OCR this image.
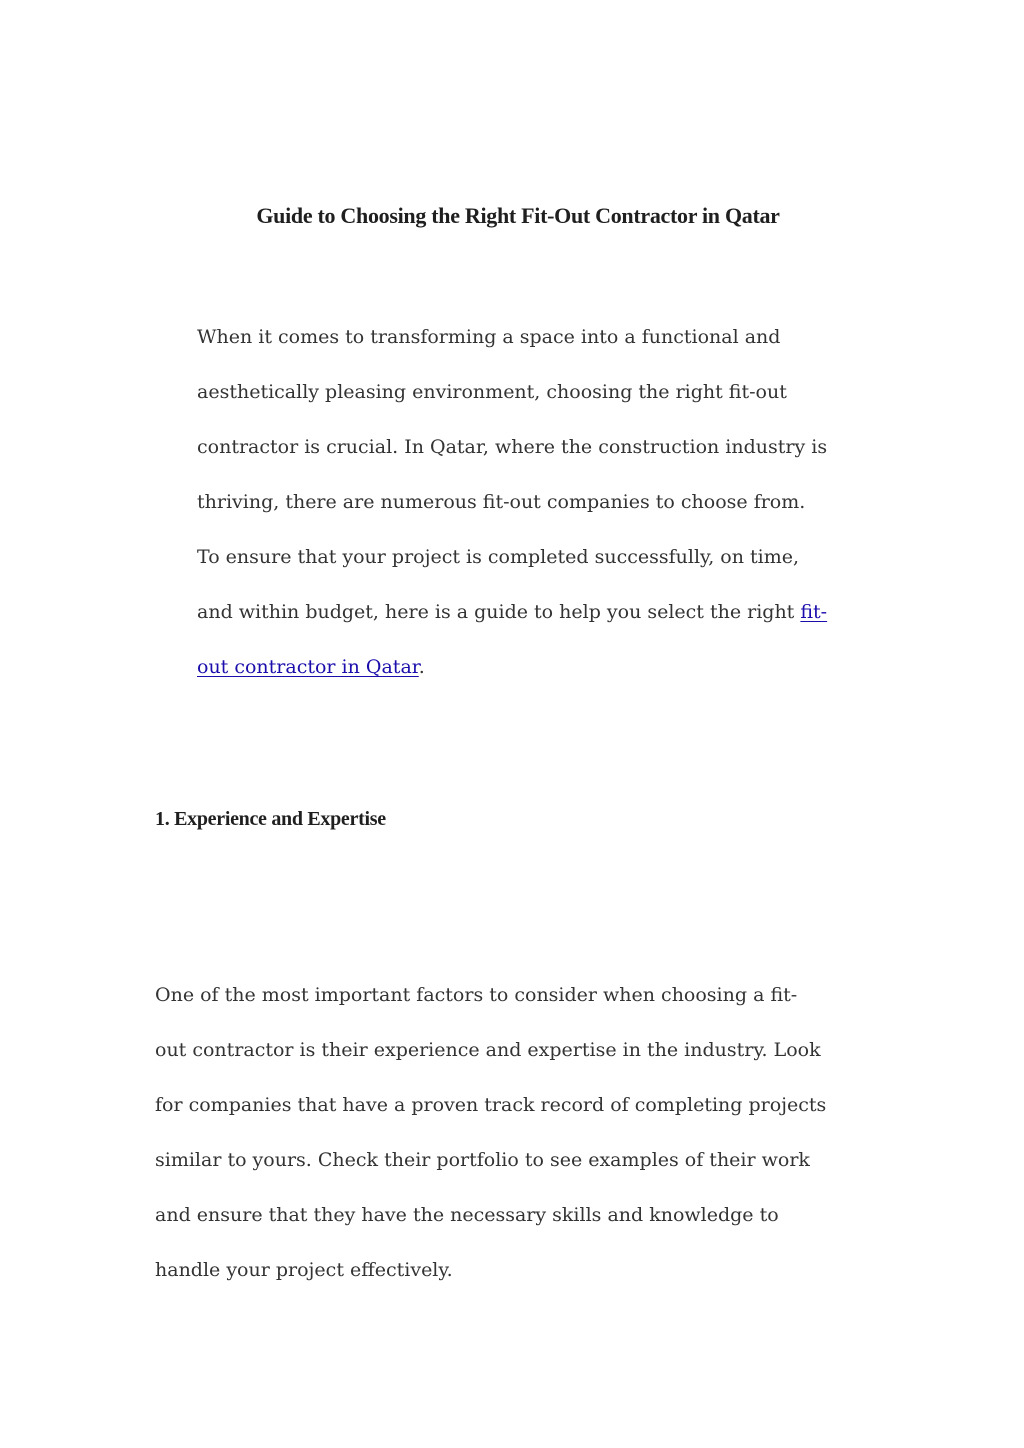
Guide to Choosing the Right Fit-Out Contractor in Qatar

When it comes to transforming a space into a functional and
aesthetically pleasing environment, choosing the right fit-out
contractor is crucial. In Qatar, where the construction industry is
thriving, there are numerous fit-out companies to choose from.
To ensure that your project is completed successfully, on time,
and within budget, here is a guide to help you select the right fit-
out contractor in Qatar.

1. Experience and Expertise

One of the most important factors to consider when choosing a fit-
out contractor is their experience and expertise in the industry. Look
for companies that have a proven track record of completing projects
similar to yours. Check their portfolio to see examples of their work
and ensure that they have the necessary skills and knowledge to
handle your project effectively.
